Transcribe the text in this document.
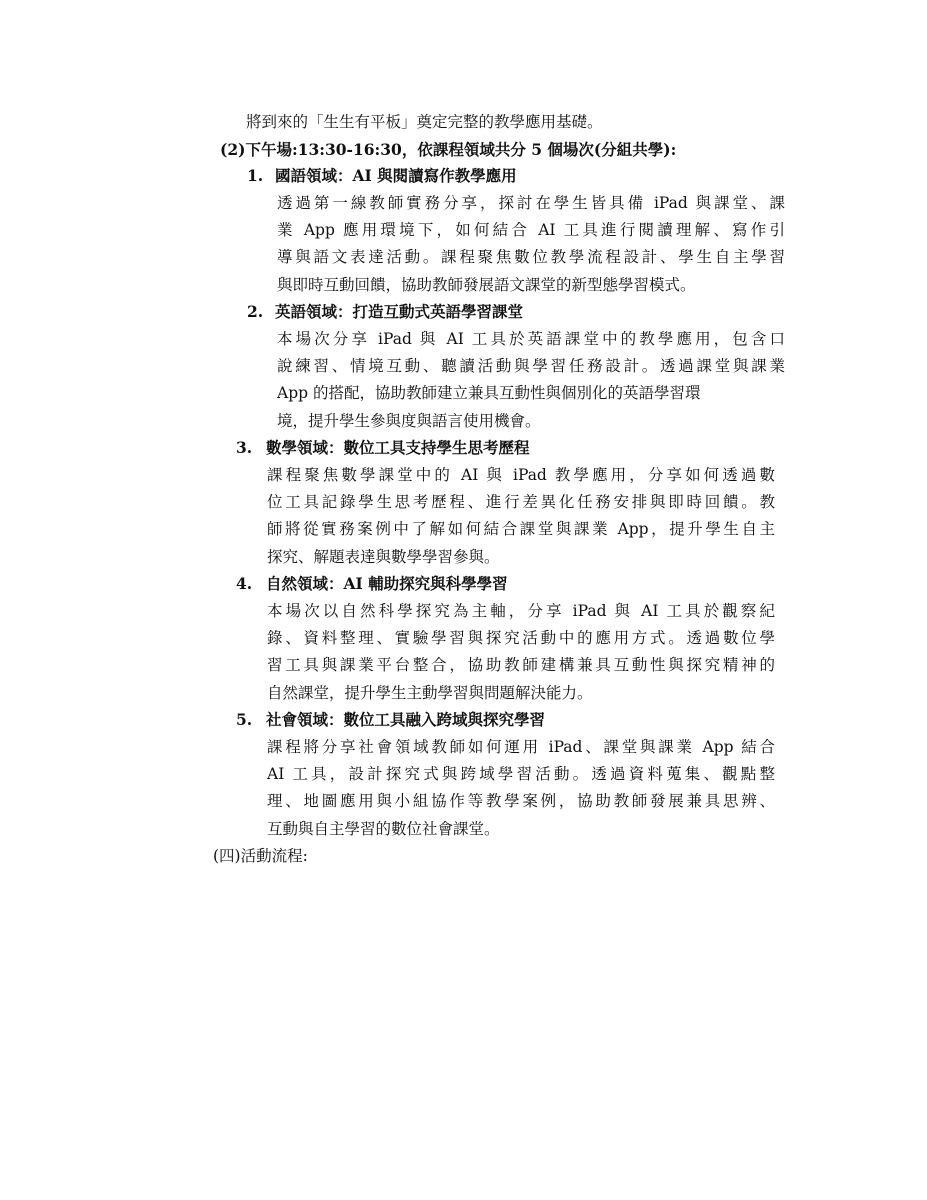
將到來的「生生有平板」奠定完整的教學應用基礎。
(2)下午場:13:30-16:30，依課程領域共分 5 個場次(分組共學):
1. 國語領域：AI 與閱讀寫作教學應用
透過第一線教師實務分享，探討在學生皆具備 iPad 與課堂、課
業 App 應用環境下，如何結合 AI 工具進行閱讀理解、寫作引
導與語文表達活動。課程聚焦數位教學流程設計、學生自主學習
與即時互動回饋，協助教師發展語文課堂的新型態學習模式。
2. 英語領域：打造互動式英語學習課堂
本場次分享 iPad 與 AI 工具於英語課堂中的教學應用，包含口
說練習、情境互動、聽讀活動與學習任務設計。透過課堂與課業
App 的搭配，協助教師建立兼具互動性與個別化的英語學習環
境，提升學生參與度與語言使用機會。
3. 數學領域：數位工具支持學生思考歷程
課程聚焦數學課堂中的 AI 與 iPad 教學應用，分享如何透過數
位工具記錄學生思考歷程、進行差異化任務安排與即時回饋。教
師將從實務案例中了解如何結合課堂與課業 App，提升學生自主
探究、解題表達與數學學習參與。
4. 自然領域：AI 輔助探究與科學學習
本場次以自然科學探究為主軸，分享 iPad 與 AI 工具於觀察紀
錄、資料整理、實驗學習與探究活動中的應用方式。透過數位學
習工具與課業平台整合，協助教師建構兼具互動性與探究精神的
自然課堂，提升學生主動學習與問題解決能力。
5. 社會領域：數位工具融入跨域與探究學習
課程將分享社會領域教師如何運用 iPad、課堂與課業 App 結合
AI 工具，設計探究式與跨域學習活動。透過資料蒐集、觀點整
理、地圖應用與小組協作等教學案例，協助教師發展兼具思辨、
互動與自主學習的數位社會課堂。
(四)活動流程:
